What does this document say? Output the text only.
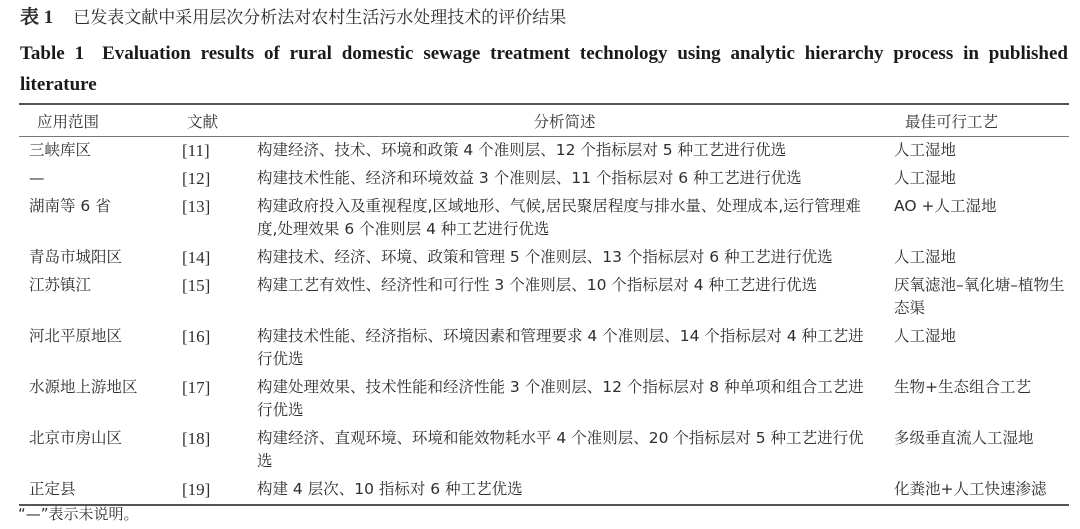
表 1 已发表文献中采用层次分析法对农村生活污水处理技术的评价结果
Table 1 Evaluation results of rural domestic sewage treatment technology using analytic hierarchy process in published literature
应用范围	文献	分析简述	最佳可行工艺
三峡库区	[11]	构建经济、技术、环境和政策 4 个准则层、12 个指标层对 5 种工艺进行优选	人工湿地
—	[12]	构建技术性能、经济和环境效益 3 个准则层、11 个指标层对 6 种工艺进行优选	人工湿地
湖南等 6 省	[13]	构建政府投入及重视程度,区域地形、气候,居民聚居程度与排水量、处理成本,运行管理难度,处理效果 6 个准则层 4 种工艺进行优选	AO +人工湿地
青岛市城阳区	[14]	构建技术、经济、环境、政策和管理 5 个准则层、13 个指标层对 6 种工艺进行优选	人工湿地
江苏镇江	[15]	构建工艺有效性、经济性和可行性 3 个准则层、10 个指标层对 4 种工艺进行优选	厌氧滤池–氧化塘–植物生态渠
河北平原地区	[16]	构建技术性能、经济指标、环境因素和管理要求 4 个准则层、14 个指标层对 4 种工艺进行优选	人工湿地
水源地上游地区	[17]	构建处理效果、技术性能和经济性能 3 个准则层、12 个指标层对 8 种单项和组合工艺进行优选	生物+生态组合工艺
北京市房山区	[18]	构建经济、直观环境、环境和能效物耗水平 4 个准则层、20 个指标层对 5 种工艺进行优选	多级垂直流人工湿地
正定县	[19]	构建 4 层次、10 指标对 6 种工艺优选	化粪池+人工快速渗滤
“—”表示未说明。
